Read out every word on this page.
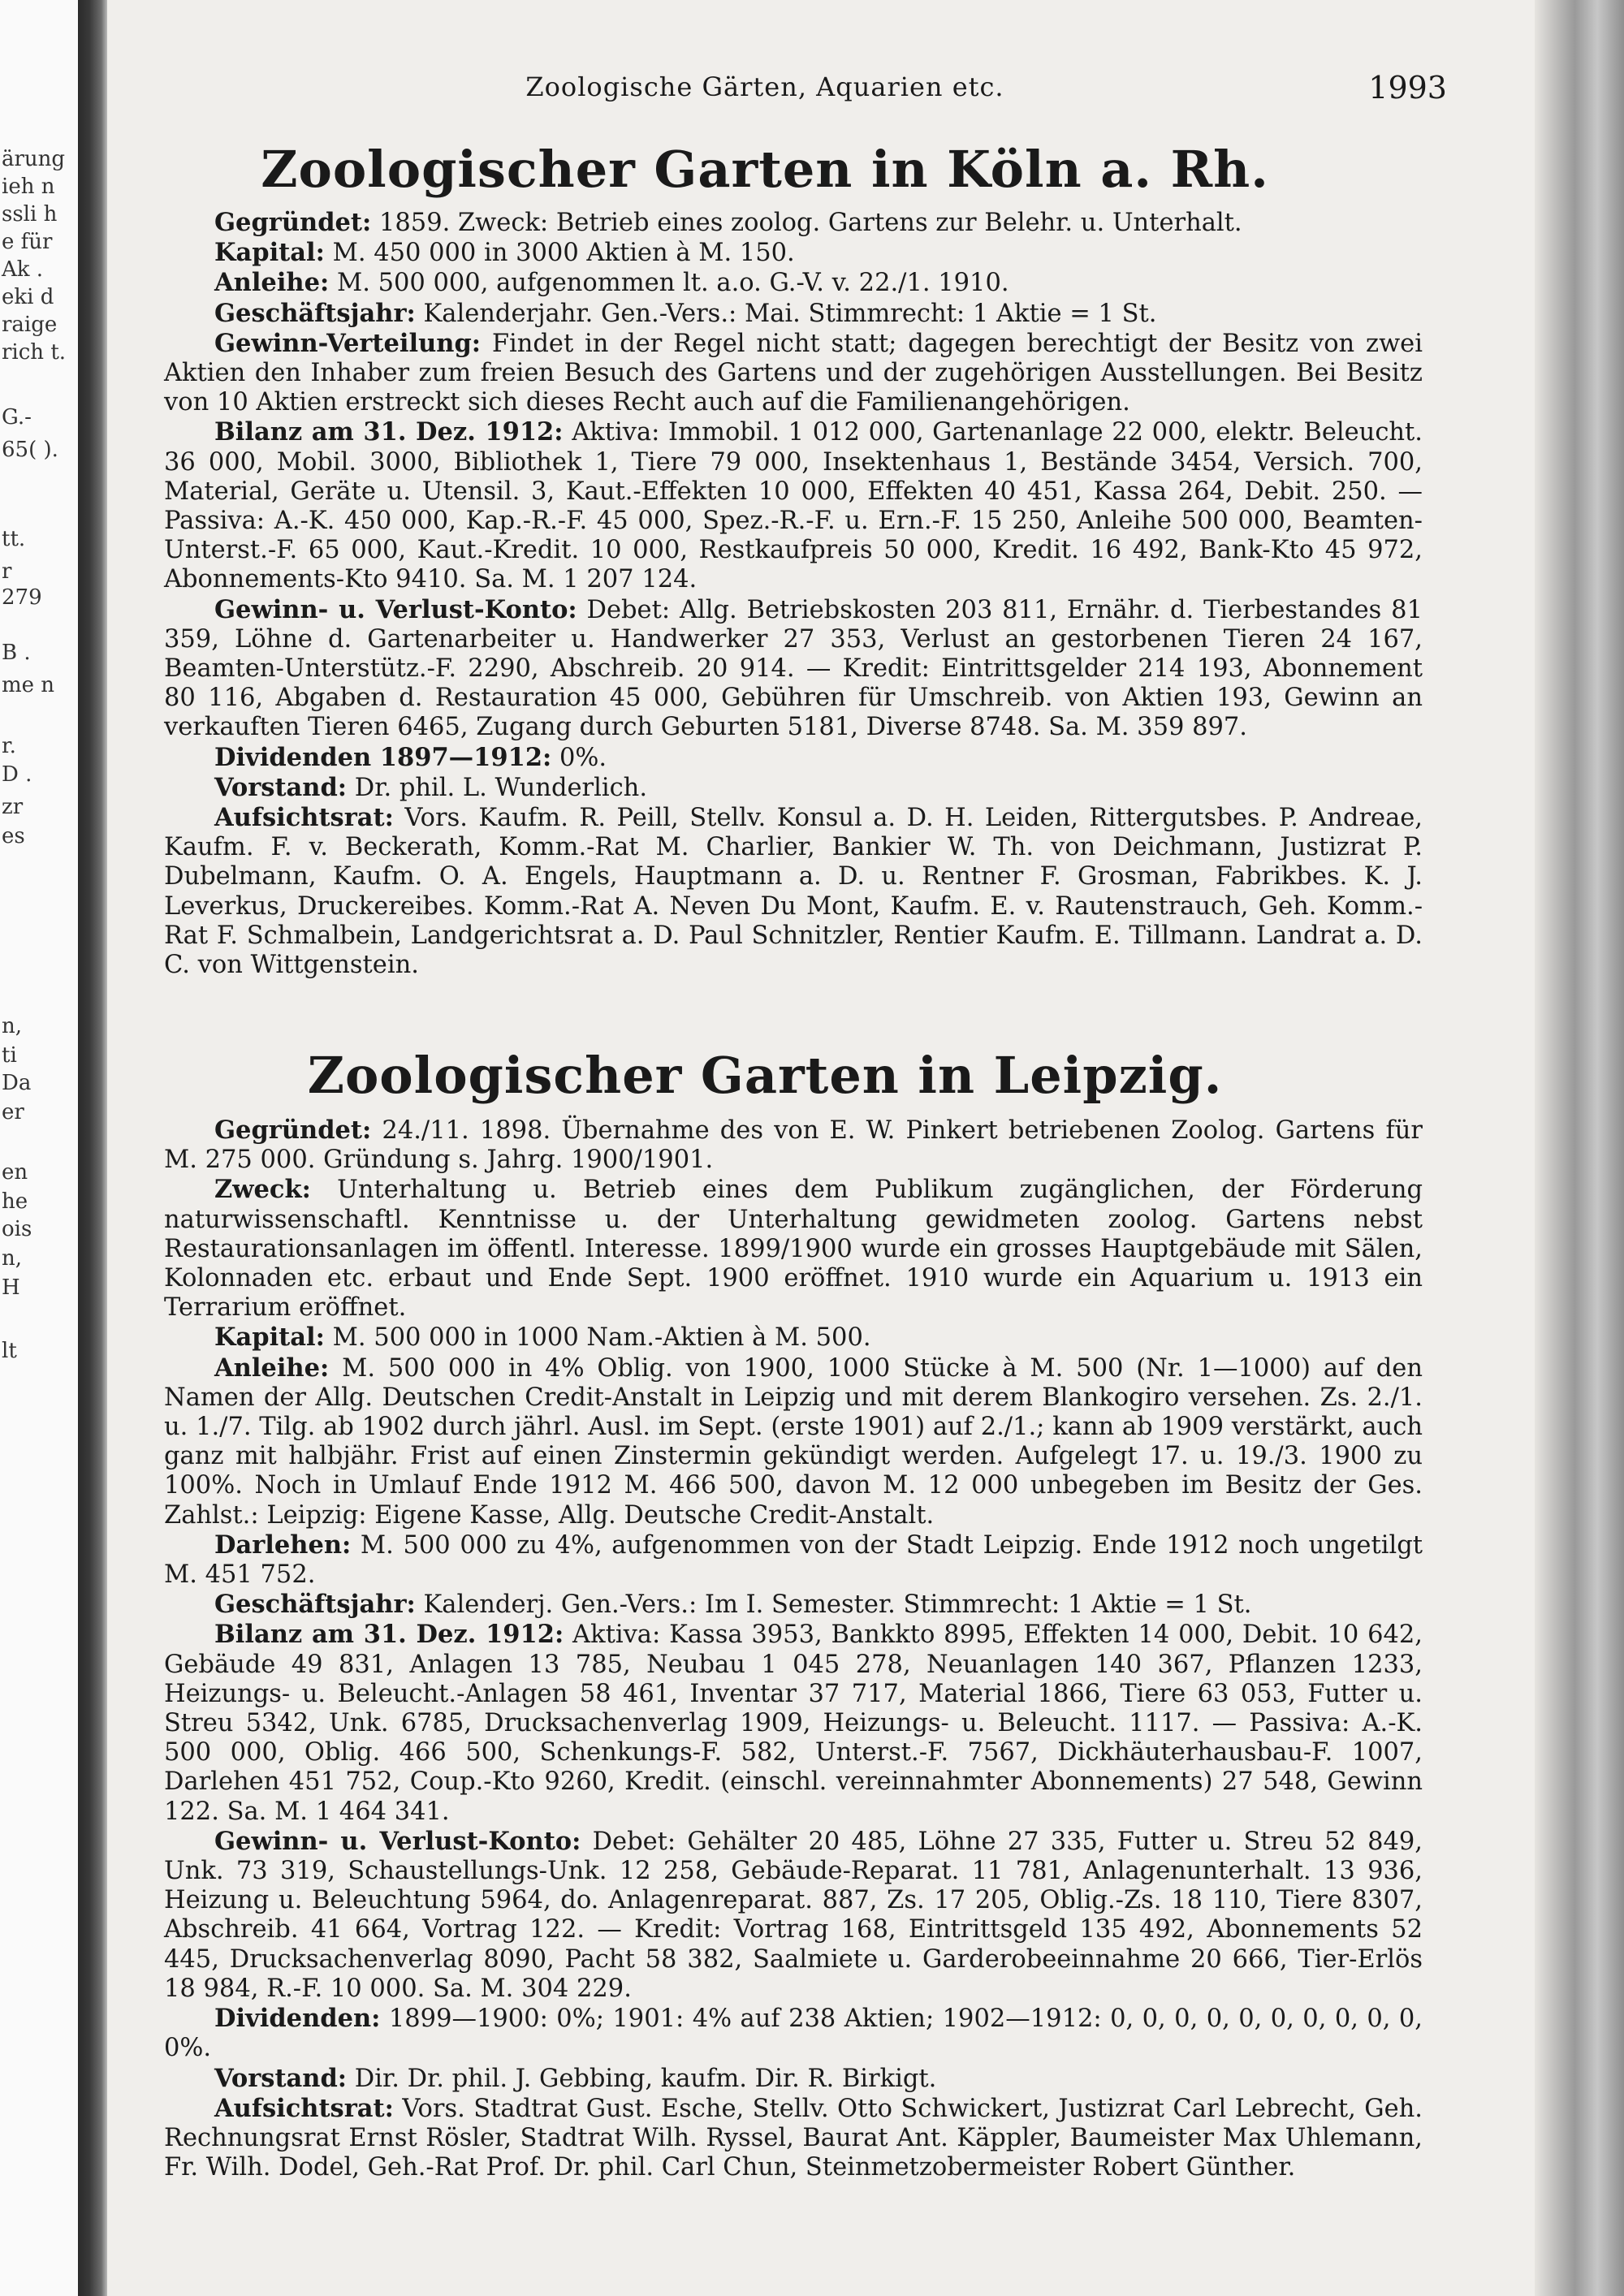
ärung
ieh n
ssli h
e für
Ak .
eki d
raige
rich t.
G.-
65( ).
tt.
r
279
B .
me n
r.
D .
zr
es
n,
ti
Da
er
en
he
ois
n,
H
lt
Zoologische Gärten, Aquarien etc.	1993
Zoologischer Garten in Köln a. Rh.

Gegründet: 1859. Zweck: Betrieb eines zoolog. Gartens zur Belehr. u. Unterhalt.

Kapital: M. 450 000 in 3000 Aktien à M. 150.

Anleihe: M. 500 000, aufgenommen lt. a.o. G.-V. v. 22./1. 1910.

Geschäftsjahr: Kalenderjahr. Gen.-Vers.: Mai. Stimmrecht: 1 Aktie = 1 St.

Gewinn-Verteilung: Findet in der Regel nicht statt; dagegen berechtigt der Besitz von zwei Aktien den Inhaber zum freien Besuch des Gartens und der zugehörigen Ausstellungen. Bei Besitz von 10 Aktien erstreckt sich dieses Recht auch auf die Familienangehörigen.

Bilanz am 31. Dez. 1912: Aktiva: Immobil. 1 012 000, Gartenanlage 22 000, elektr. Beleucht. 36 000, Mobil. 3000, Bibliothek 1, Tiere 79 000, Insektenhaus 1, Bestände 3454, Versich. 700, Material, Geräte u. Utensil. 3, Kaut.-Effekten 10 000, Effekten 40 451, Kassa 264, Debit. 250. — Passiva: A.-K. 450 000, Kap.-R.-F. 45 000, Spez.-R.-F. u. Ern.-F. 15 250, Anleihe 500 000, Beamten-Unterst.-F. 65 000, Kaut.-Kredit. 10 000, Restkaufpreis 50 000, Kredit. 16 492, Bank-Kto 45 972, Abonnements-Kto 9410. Sa. M. 1 207 124.

Gewinn- u. Verlust-Konto: Debet: Allg. Betriebskosten 203 811, Ernähr. d. Tierbestandes 81 359, Löhne d. Gartenarbeiter u. Handwerker 27 353, Verlust an gestorbenen Tieren 24 167, Beamten-Unterstütz.-F. 2290, Abschreib. 20 914. — Kredit: Eintrittsgelder 214 193, Abonnement 80 116, Abgaben d. Restauration 45 000, Gebühren für Umschreib. von Aktien 193, Gewinn an verkauften Tieren 6465, Zugang durch Geburten 5181, Diverse 8748. Sa. M. 359 897.

Dividenden 1897—1912: 0%.

Vorstand: Dr. phil. L. Wunderlich.

Aufsichtsrat: Vors. Kaufm. R. Peill, Stellv. Konsul a. D. H. Leiden, Rittergutsbes. P. Andreae, Kaufm. F. v. Beckerath, Komm.-Rat M. Charlier, Bankier W. Th. von Deichmann, Justizrat P. Dubelmann, Kaufm. O. A. Engels, Hauptmann a. D. u. Rentner F. Grosman, Fabrikbes. K. J. Leverkus, Druckereibes. Komm.-Rat A. Neven Du Mont, Kaufm. E. v. Rautenstrauch, Geh. Komm.-Rat F. Schmalbein, Landgerichtsrat a. D. Paul Schnitzler, Rentier Kaufm. E. Tillmann. Landrat a. D. C. von Wittgenstein.

Zoologischer Garten in Leipzig.

Gegründet: 24./11. 1898. Übernahme des von E. W. Pinkert betriebenen Zoolog. Gartens für M. 275 000. Gründung s. Jahrg. 1900/1901.

Zweck: Unterhaltung u. Betrieb eines dem Publikum zugänglichen, der Förderung naturwissenschaftl. Kenntnisse u. der Unterhaltung gewidmeten zoolog. Gartens nebst Restaurationsanlagen im öffentl. Interesse. 1899/1900 wurde ein grosses Hauptgebäude mit Sälen, Kolonnaden etc. erbaut und Ende Sept. 1900 eröffnet. 1910 wurde ein Aquarium u. 1913 ein Terrarium eröffnet.

Kapital: M. 500 000 in 1000 Nam.-Aktien à M. 500.

Anleihe: M. 500 000 in 4% Oblig. von 1900, 1000 Stücke à M. 500 (Nr. 1—1000) auf den Namen der Allg. Deutschen Credit-Anstalt in Leipzig und mit derem Blankogiro versehen. Zs. 2./1. u. 1./7. Tilg. ab 1902 durch jährl. Ausl. im Sept. (erste 1901) auf 2./1.; kann ab 1909 verstärkt, auch ganz mit halbjähr. Frist auf einen Zinstermin gekündigt werden. Aufgelegt 17. u. 19./3. 1900 zu 100%. Noch in Umlauf Ende 1912 M. 466 500, davon M. 12 000 unbegeben im Besitz der Ges. Zahlst.: Leipzig: Eigene Kasse, Allg. Deutsche Credit-Anstalt.

Darlehen: M. 500 000 zu 4%, aufgenommen von der Stadt Leipzig. Ende 1912 noch ungetilgt M. 451 752.

Geschäftsjahr: Kalenderj. Gen.-Vers.: Im I. Semester. Stimmrecht: 1 Aktie = 1 St.

Bilanz am 31. Dez. 1912: Aktiva: Kassa 3953, Bankkto 8995, Effekten 14 000, Debit. 10 642, Gebäude 49 831, Anlagen 13 785, Neubau 1 045 278, Neuanlagen 140 367, Pflanzen 1233, Heizungs- u. Beleucht.-Anlagen 58 461, Inventar 37 717, Material 1866, Tiere 63 053, Futter u. Streu 5342, Unk. 6785, Drucksachenverlag 1909, Heizungs- u. Beleucht. 1117. — Passiva: A.-K. 500 000, Oblig. 466 500, Schenkungs-F. 582, Unterst.-F. 7567, Dickhäuterhausbau-F. 1007, Darlehen 451 752, Coup.-Kto 9260, Kredit. (einschl. vereinnahmter Abonnements) 27 548, Gewinn 122. Sa. M. 1 464 341.

Gewinn- u. Verlust-Konto: Debet: Gehälter 20 485, Löhne 27 335, Futter u. Streu 52 849, Unk. 73 319, Schaustellungs-Unk. 12 258, Gebäude-Reparat. 11 781, Anlagenunterhalt. 13 936, Heizung u. Beleuchtung 5964, do. Anlagenreparat. 887, Zs. 17 205, Oblig.-Zs. 18 110, Tiere 8307, Abschreib. 41 664, Vortrag 122. — Kredit: Vortrag 168, Eintrittsgeld 135 492, Abonnements 52 445, Drucksachenverlag 8090, Pacht 58 382, Saalmiete u. Garderobeeinnahme 20 666, Tier-Erlös 18 984, R.-F. 10 000. Sa. M. 304 229.

Dividenden: 1899—1900: 0%; 1901: 4% auf 238 Aktien; 1902—1912: 0, 0, 0, 0, 0, 0, 0, 0, 0, 0, 0%.

Vorstand: Dir. Dr. phil. J. Gebbing, kaufm. Dir. R. Birkigt.

Aufsichtsrat: Vors. Stadtrat Gust. Esche, Stellv. Otto Schwickert, Justizrat Carl Lebrecht, Geh. Rechnungsrat Ernst Rösler, Stadtrat Wilh. Ryssel, Baurat Ant. Käppler, Baumeister Max Uhlemann, Fr. Wilh. Dodel, Geh.-Rat Prof. Dr. phil. Carl Chun, Steinmetzobermeister Robert Günther.
